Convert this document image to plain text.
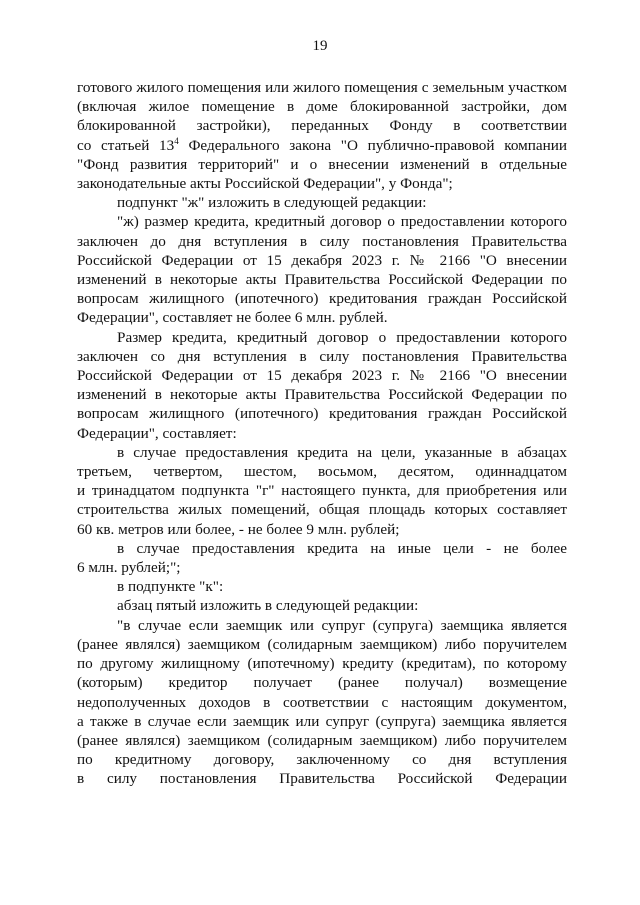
19

готового жилого помещения или жилого помещения с земельным участком

(включая жилое помещение в доме блокированной застройки, дом

блокированной застройки), переданных Фонду в соответствии

со статьей $13^4$ Федерального закона "О публично-правовой компании

"Фонд развития территорий" и о внесении изменений в отдельные

законодательные акты Российской Федерации", у Фонда";

подпункт "ж" изложить в следующей редакции:

"ж) размер кредита, кредитный договор о предоставлении которого

заключен до дня вступления в силу постановления Правительства

Российской Федерации от 15 декабря 2023 г. № 2166 "О внесении

изменений в некоторые акты Правительства Российской Федерации по

вопросам жилищного (ипотечного) кредитования граждан Российской

Федерации", составляет не более 6 млн. рублей.

Размер кредита, кредитный договор о предоставлении которого

заключен со дня вступления в силу постановления Правительства

Российской Федерации от 15 декабря 2023 г. № 2166 "О внесении

изменений в некоторые акты Правительства Российской Федерации по

вопросам жилищного (ипотечного) кредитования граждан Российской

Федерации", составляет:

в случае предоставления кредита на цели, указанные в абзацах

третьем, четвертом, шестом, восьмом, десятом, одиннадцатом

и тринадцатом подпункта "г" настоящего пункта, для приобретения или

строительства жилых помещений, общая площадь которых составляет

60 кв. метров или более, - не более 9 млн. рублей;

в случае предоставления кредита на иные цели - не более

6 млн. рублей;";

в подпункте "к":

абзац пятый изложить в следующей редакции:

"в случае если заемщик или супруг (супруга) заемщика является

(ранее являлся) заемщиком (солидарным заемщиком) либо поручителем

по другому жилищному (ипотечному) кредиту (кредитам), по которому

(которым) кредитор получает (ранее получал) возмещение

недополученных доходов в соответствии с настоящим документом,

а также в случае если заемщик или супруг (супруга) заемщика является

(ранее являлся) заемщиком (солидарным заемщиком) либо поручителем

по кредитному договору, заключенному со дня вступления

в силу постановления Правительства Российской Федерации
